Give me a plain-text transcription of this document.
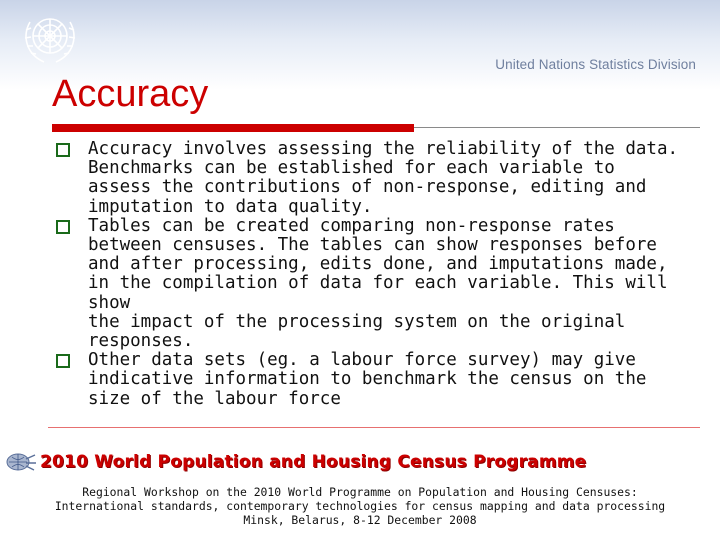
United Nations Statistics Division
Accuracy
Accuracy involves assessing the reliability of the data.
Benchmarks can be established for each variable to
assess the contributions of non-response, editing and
imputation to data quality.
Tables can be created comparing non-response rates
between censuses. The tables can show responses before
and after processing, edits done, and imputations made,
in the compilation of data for each variable. This will show
the impact of the processing system on the original
responses.
Other data sets (eg. a labour force survey) may give
indicative information to benchmark the census on the
size of the labour force
2010 World Population and Housing Census Programme
Regional Workshop on the 2010 World Programme on Population and Housing Censuses:
International standards, contemporary technologies for census mapping and data processing
Minsk, Belarus, 8-12 December 2008
